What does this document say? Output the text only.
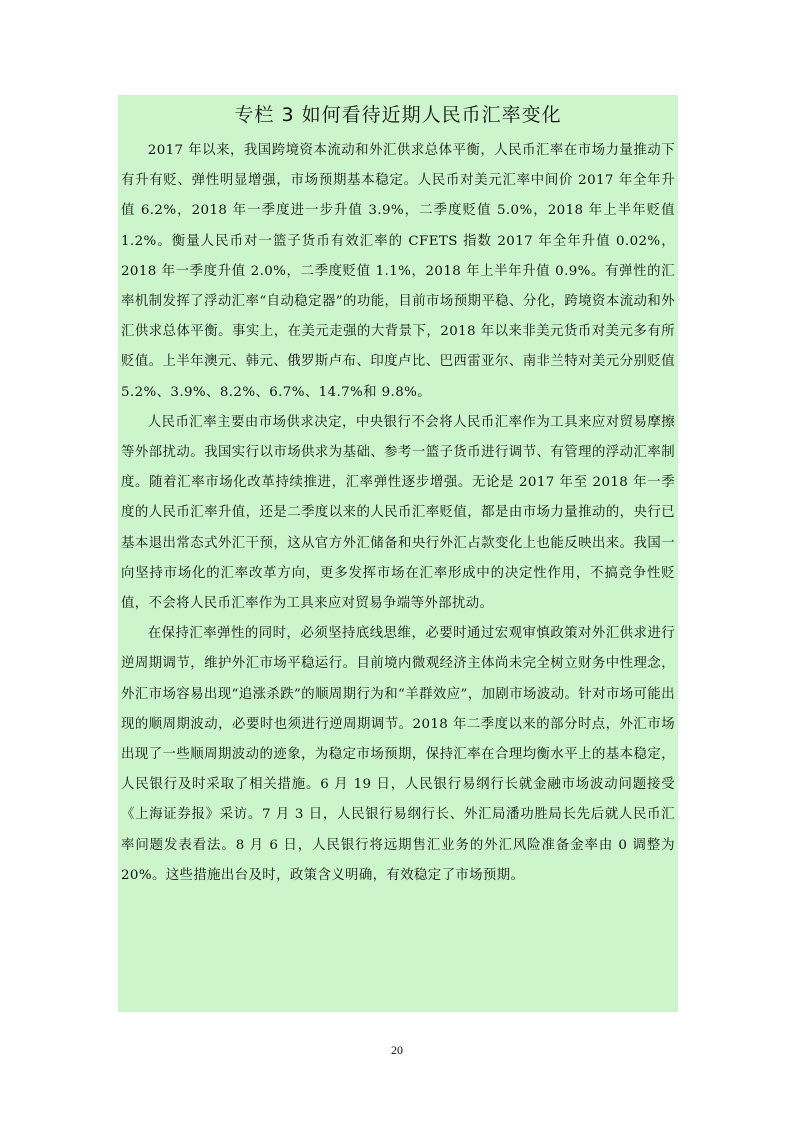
专栏 3 如何看待近期人民币汇率变化

2017 年以来，我国跨境资本流动和外汇供求总体平衡，人民币汇率在市场力量推动下有升有贬、弹性明显增强，市场预期基本稳定。人民币对美元汇率中间价 2017 年全年升值 6.2%，2018 年一季度进一步升值 3.9%，二季度贬值 5.0%，2018 年上半年贬值 1.2%。衡量人民币对一篮子货币有效汇率的 CFETS 指数 2017 年全年升值 0.02%，2018 年一季度升值 2.0%，二季度贬值 1.1%，2018 年上半年升值 0.9%。有弹性的汇率机制发挥了浮动汇率“自动稳定器”的功能，目前市场预期平稳、分化，跨境资本流动和外汇供求总体平衡。事实上，在美元走强的大背景下，2018 年以来非美元货币对美元多有所贬值。上半年澳元、韩元、俄罗斯卢布、印度卢比、巴西雷亚尔、南非兰特对美元分别贬值 5.2%、3.9%、8.2%、6.7%、14.7%和 9.8%。

人民币汇率主要由市场供求决定，中央银行不会将人民币汇率作为工具来应对贸易摩擦等外部扰动。我国实行以市场供求为基础、参考一篮子货币进行调节、有管理的浮动汇率制度。随着汇率市场化改革持续推进，汇率弹性逐步增强。无论是 2017 年至 2018 年一季度的人民币汇率升值，还是二季度以来的人民币汇率贬值，都是由市场力量推动的，央行已基本退出常态式外汇干预，这从官方外汇储备和央行外汇占款变化上也能反映出来。我国一向坚持市场化的汇率改革方向，更多发挥市场在汇率形成中的决定性作用，不搞竞争性贬值，不会将人民币汇率作为工具来应对贸易争端等外部扰动。

在保持汇率弹性的同时，必须坚持底线思维，必要时通过宏观审慎政策对外汇供求进行逆周期调节，维护外汇市场平稳运行。目前境内微观经济主体尚未完全树立财务中性理念，外汇市场容易出现“追涨杀跌”的顺周期行为和“羊群效应”，加剧市场波动。针对市场可能出现的顺周期波动，必要时也须进行逆周期调节。2018 年二季度以来的部分时点，外汇市场出现了一些顺周期波动的迹象，为稳定市场预期，保持汇率在合理均衡水平上的基本稳定，人民银行及时采取了相关措施。6 月 19 日，人民银行易纲行长就金融市场波动问题接受《上海证券报》采访。7 月 3 日，人民银行易纲行长、外汇局潘功胜局长先后就人民币汇率问题发表看法。8 月 6 日，人民银行将远期售汇业务的外汇风险准备金率由 0 调整为 20%。这些措施出台及时，政策含义明确，有效稳定了市场预期。

20
